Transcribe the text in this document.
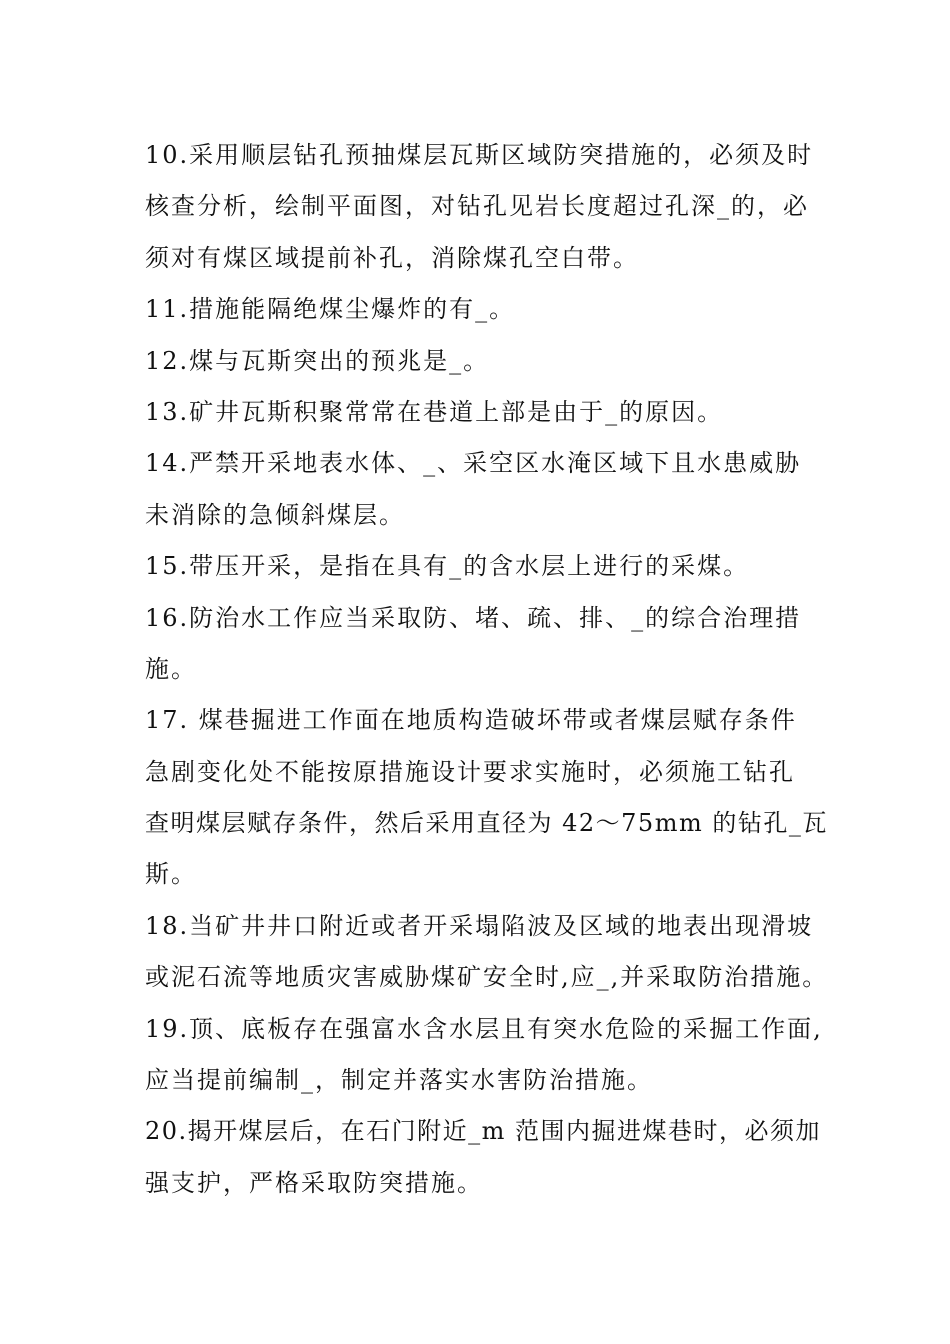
10.采用顺层钻孔预抽煤层瓦斯区域防突措施的，必须及时
核查分析，绘制平面图，对钻孔见岩长度超过孔深_的，必
须对有煤区域提前补孔，消除煤孔空白带。
11.措施能隔绝煤尘爆炸的有_。
12.煤与瓦斯突出的预兆是_。
13.矿井瓦斯积聚常常在巷道上部是由于_的原因。
14.严禁开采地表水体、_、采空区水淹区域下且水患威胁
未消除的急倾斜煤层。
15.带压开采，是指在具有_的含水层上进行的采煤。
16.防治水工作应当采取防、堵、疏、排、_的综合治理措
施。
17. 煤巷掘进工作面在地质构造破坏带或者煤层赋存条件
急剧变化处不能按原措施设计要求实施时，必须施工钻孔
查明煤层赋存条件，然后采用直径为 42～75mm 的钻孔_瓦
斯。
18.当矿井井口附近或者开采塌陷波及区域的地表出现滑坡
或泥石流等地质灾害威胁煤矿安全时,应_,并采取防治措施。
19.顶、底板存在强富水含水层且有突水危险的采掘工作面,
应当提前编制_，制定并落实水害防治措施。
20.揭开煤层后，在石门附近_m 范围内掘进煤巷时，必须加
强支护，严格采取防突措施。
